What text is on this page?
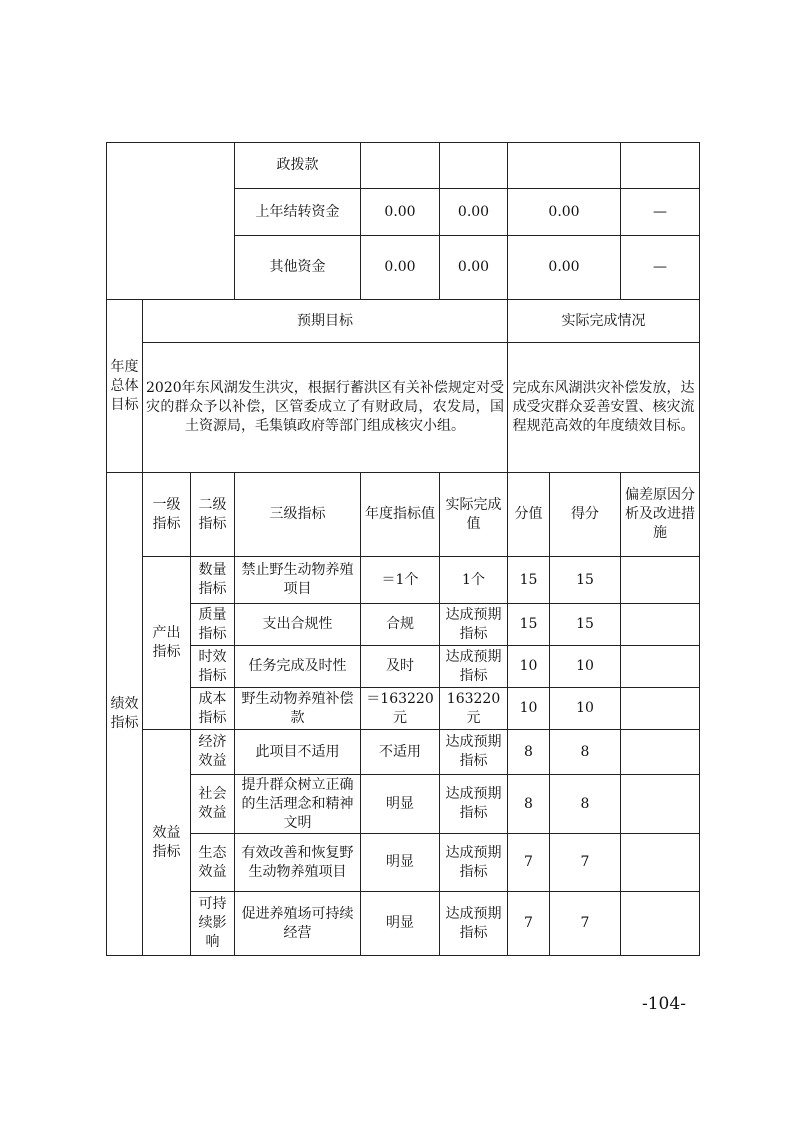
			政拨款						
			上年结转资金	0.00	0.00	0.00		—	
			其他资金	0.00	0.00	0.00		—	
年度总体目标	预期目标					实际完成情况			
	2020年东风湖发生洪灾，根据行蓄洪区有关补偿规定对受灾的群众予以补偿，区管委成立了有财政局，农发局，国土资源局，毛集镇政府等部门组成核灾小组。					完成东风湖洪灾补偿发放，达成受灾群众妥善安置、核灾流程规范高效的年度绩效目标。			
绩效指标	一级指标	二级指标	三级指标	年度指标值	实际完成值	分值	得分	偏差原因分析及改进措施	
	产出指标	数量指标	禁止野生动物养殖项目	＝1个	1个	15	15		
		质量指标	支出合规性	合规	达成预期指标	15	15		
		时效指标	任务完成及时性	及时	达成预期指标	10	10		
		成本指标	野生动物养殖补偿款	＝163220元	163220元	10	10		
	效益指标	经济效益	此项目不适用	不适用	达成预期指标	8	8		
		社会效益	提升群众树立正确的生活理念和精神文明	明显	达成预期指标	8	8		
		生态效益	有效改善和恢复野生动物养殖项目	明显	达成预期指标	7	7		
		可持续影响	促进养殖场可持续经营	明显	达成预期指标	7	7		
-104-
